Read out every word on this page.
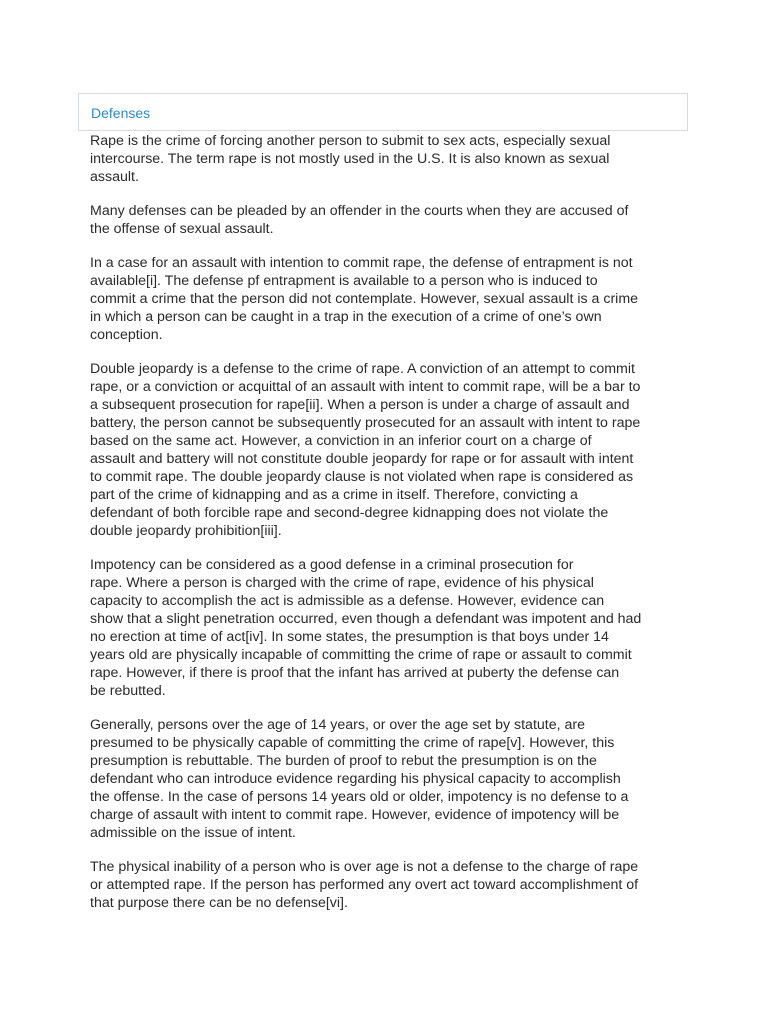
Defenses

Rape is the crime of forcing another person to submit to sex acts, especially sexual
intercourse. The term rape is not mostly used in the U.S. It is also known as sexual
assault.

Many defenses can be pleaded by an offender in the courts when they are accused of
the offense of sexual assault.

In a case for an assault with intention to commit rape, the defense of entrapment is not
available[i]. The defense pf entrapment is available to a person who is induced to
commit a crime that the person did not contemplate. However, sexual assault is a crime
in which a person can be caught in a trap in the execution of a crime of one’s own
conception.

Double jeopardy is a defense to the crime of rape. A conviction of an attempt to commit
rape, or a conviction or acquittal of an assault with intent to commit rape, will be a bar to
a subsequent prosecution for rape[ii]. When a person is under a charge of assault and
battery, the person cannot be subsequently prosecuted for an assault with intent to rape
based on the same act. However, a conviction in an inferior court on a charge of
assault and battery will not constitute double jeopardy for rape or for assault with intent
to commit rape. The double jeopardy clause is not violated when rape is considered as
part of the crime of kidnapping and as a crime in itself. Therefore, convicting a
defendant of both forcible rape and second-degree kidnapping does not violate the
double jeopardy prohibition[iii].

Impotency can be considered as a good defense in a criminal prosecution for
rape. Where a person is charged with the crime of rape, evidence of his physical
capacity to accomplish the act is admissible as a defense. However, evidence can
show that a slight penetration occurred, even though a defendant was impotent and had
no erection at time of act[iv]. In some states, the presumption is that boys under 14
years old are physically incapable of committing the crime of rape or assault to commit
rape. However, if there is proof that the infant has arrived at puberty the defense can
be rebutted.

Generally, persons over the age of 14 years, or over the age set by statute, are
presumed to be physically capable of committing the crime of rape[v]. However, this
presumption is rebuttable. The burden of proof to rebut the presumption is on the
defendant who can introduce evidence regarding his physical capacity to accomplish
the offense. In the case of persons 14 years old or older, impotency is no defense to a
charge of assault with intent to commit rape. However, evidence of impotency will be
admissible on the issue of intent.

The physical inability of a person who is over age is not a defense to the charge of rape
or attempted rape. If the person has performed any overt act toward accomplishment of
that purpose there can be no defense[vi].
